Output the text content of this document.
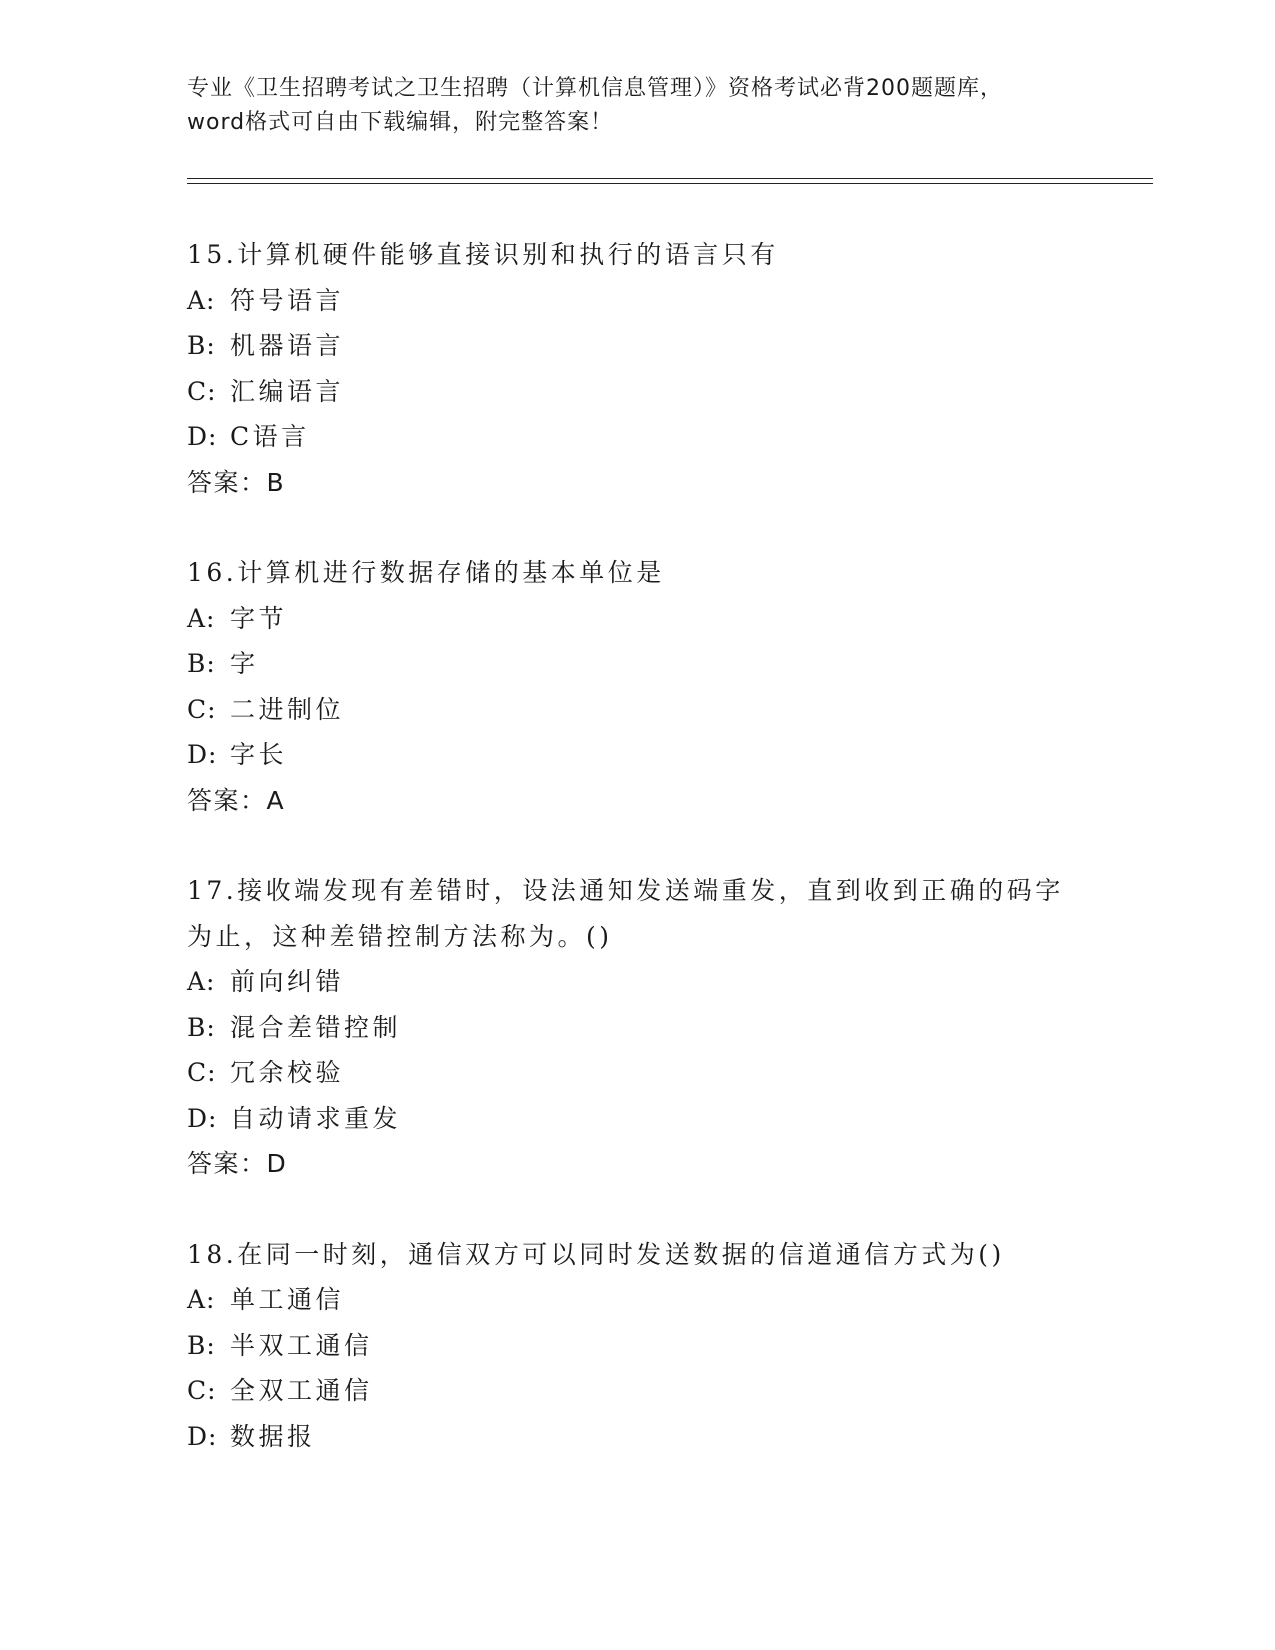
专业《卫生招聘考试之卫生招聘（计算机信息管理）》资格考试必背200题题库，
word格式可自由下载编辑，附完整答案！
15.计算机硬件能够直接识别和执行的语言只有
A: 符号语言
B: 机器语言
C: 汇编语言
D: C语言
答案：B
16.计算机进行数据存储的基本单位是
A: 字节
B: 字
C: 二进制位
D: 字长
答案：A
17.接收端发现有差错时，设法通知发送端重发，直到收到正确的码字
为止，这种差错控制方法称为。()
A: 前向纠错
B: 混合差错控制
C: 冗余校验
D: 自动请求重发
答案：D
18.在同一时刻，通信双方可以同时发送数据的信道通信方式为()
A: 单工通信
B: 半双工通信
C: 全双工通信
D: 数据报
